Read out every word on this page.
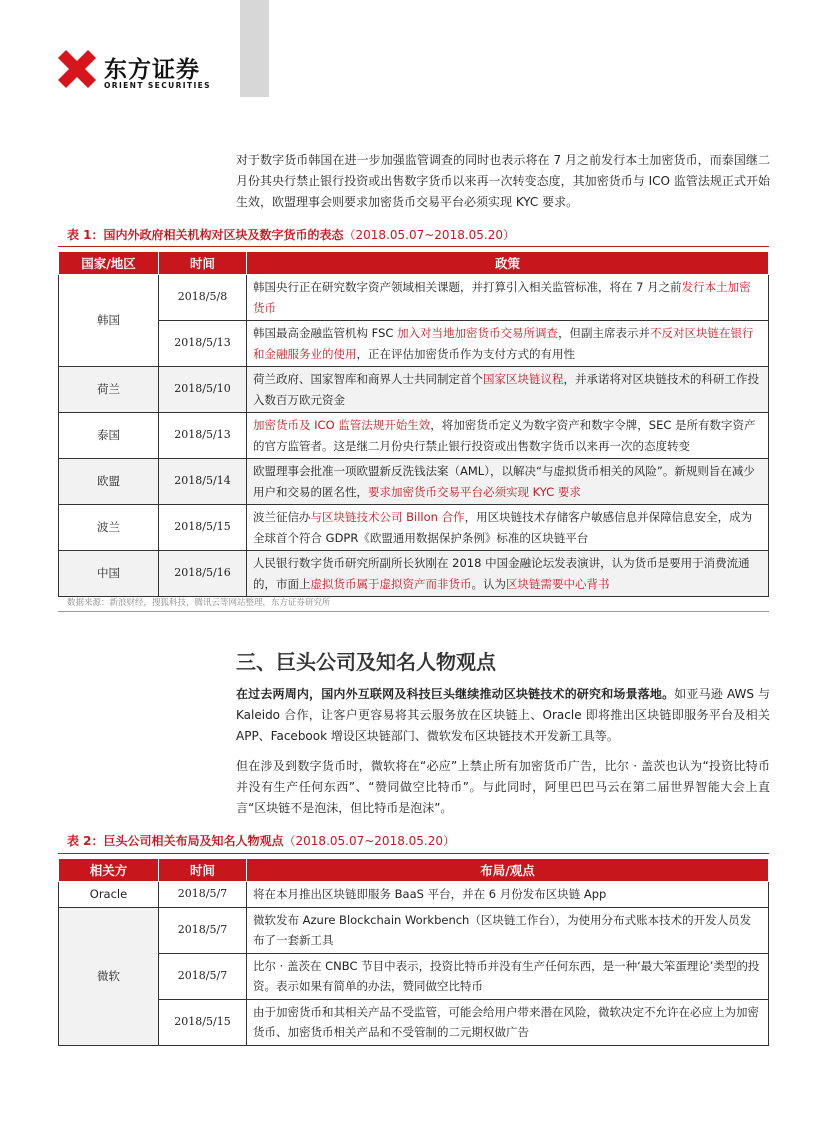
东方证券
ORIENT SECURITIES
对于数字货币韩国在进一步加强监管调查的同时也表示将在 7 月之前发行本土加密货币，而泰国继二月份其央行禁止银行投资或出售数字货币以来再一次转变态度，其加密货币与 ICO 监管法规正式开始生效，欧盟理事会则要求加密货币交易平台必须实现 KYC 要求。
表 1：国内外政府相关机构对区块及数字货币的表态（2018.05.07~2018.05.20）
国家/地区	时间	政策
韩国	2018/5/8	韩国央行正在研究数字资产领域相关课题，并打算引入相关监管标准，将在 7 月之前发行本土加密货币
	2018/5/13	韩国最高金融监管机构 FSC 加入对当地加密货币交易所调查，但副主席表示并不反对区块链在银行和金融服务业的使用，正在评估加密货币作为支付方式的有用性
荷兰	2018/5/10	荷兰政府、国家智库和商界人士共同制定首个国家区块链议程，并承诺将对区块链技术的科研工作投入数百万欧元资金
泰国	2018/5/13	加密货币及 ICO 监管法规开始生效，将加密货币定义为数字资产和数字令牌，SEC 是所有数字资产的官方监管者。这是继二月份央行禁止银行投资或出售数字货币以来再一次的态度转变
欧盟	2018/5/14	欧盟理事会批准一项欧盟新反洗钱法案（AML），以解决“与虚拟货币相关的风险”。新规则旨在减少用户和交易的匿名性，要求加密货币交易平台必须实现 KYC 要求
波兰	2018/5/15	波兰征信办与区块链技术公司 Billon 合作，用区块链技术存储客户敏感信息并保障信息安全，成为全球首个符合 GDPR《欧盟通用数据保护条例》标准的区块链平台
中国	2018/5/16	人民银行数字货币研究所副所长狄刚在 2018 中国金融论坛发表演讲，认为货币是要用于消费流通的，市面上虚拟货币属于虚拟资产而非货币。认为区块链需要中心背书
数据来源：新浪财经，搜狐科技，腾讯云等网站整理，东方证券研究所
三、巨头公司及知名人物观点
在过去两周内，国内外互联网及科技巨头继续推动区块链技术的研究和场景落地。如亚马逊 AWS 与 Kaleido 合作，让客户更容易将其云服务放在区块链上、Oracle 即将推出区块链即服务平台及相关 APP、Facebook 增设区块链部门、微软发布区块链技术开发新工具等。
但在涉及到数字货币时，微软将在“必应”上禁止所有加密货币广告，比尔 · 盖茨也认为“投资比特币并没有生产任何东西”、“赞同做空比特币”。与此同时，阿里巴巴马云在第二届世界智能大会上直言“区块链不是泡沫，但比特币是泡沫”。
表 2：巨头公司相关布局及知名人物观点（2018.05.07~2018.05.20）
相关方	时间	布局/观点
Oracle	2018/5/7	将在本月推出区块链即服务 BaaS 平台，并在 6 月份发布区块链 App
微软	2018/5/7	微软发布 Azure Blockchain Workbench（区块链工作台），为使用分布式账本技术的开发人员发布了一套新工具
	2018/5/7	比尔 · 盖茨在 CNBC 节目中表示，投资比特币并没有生产任何东西，是一种‘最大笨蛋理论’类型的投资。表示如果有简单的办法，赞同做空比特币
	2018/5/15	由于加密货币和其相关产品不受监管，可能会给用户带来潜在风险，微软决定不允许在必应上为加密货币、加密货币相关产品和不受管制的二元期权做广告
